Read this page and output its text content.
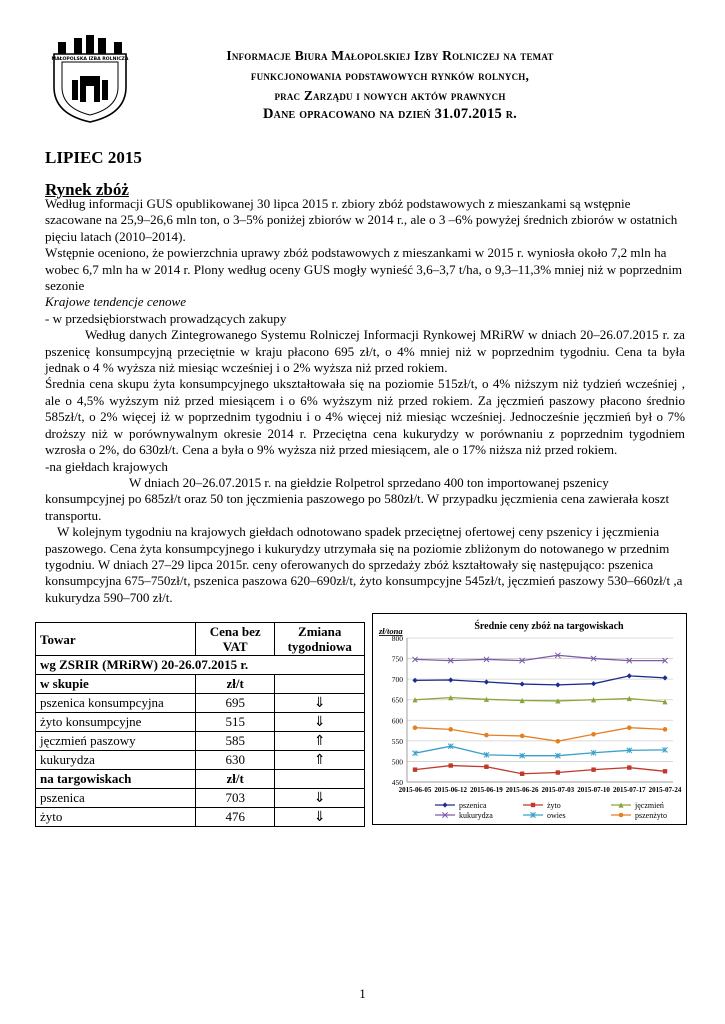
MAŁOPOLSKA IZBA ROLNICZA	Informacje Biura Małopolskiej Izby Rolniczej na temat
funkcjonowania podstawowych rynków rolnych,
prac Zarządu i nowych aktów prawnych
Dane opracowano na dzień 31.07.2015 r.
LIPIEC 2015
Rynek zbóż

Według informacji GUS opublikowanej 30 lipca 2015 r. zbiory zbóż podstawowych z mieszankami są wstępnie szacowane na 25,9–26,6 mln ton, o 3–5% poniżej zbiorów w 2014 r., ale o 3 –6% powyżej średnich zbiorów w ostatnich pięciu latach (2010–2014).

Wstępnie oceniono, że powierzchnia uprawy zbóż podstawowych z mieszankami w 2015 r. wyniosła około 7,2 mln ha wobec 6,7 mln ha w 2014 r. Plony według oceny GUS mogły wynieść 3,6–3,7 t/ha, o 9,3–11,3% mniej niż w poprzednim sezonie

Krajowe tendencje cenowe

- w przedsiębiorstwach prowadzących zakupy

Według danych Zintegrowanego Systemu Rolniczej Informacji Rynkowej MRiRW w dniach 20–26.07.2015 r. za pszenicę konsumpcyjną przeciętnie w kraju płacono 695 zł/t, o 4% mniej niż w poprzednim tygodniu. Cena ta była jednak o 4 % wyższa niż miesiąc wcześniej i o 2% wyższa niż przed rokiem.

Średnia cena skupu żyta konsumpcyjnego ukształtowała się na poziomie 515zł/t, o 4% niższym niż tydzień wcześniej , ale o 4,5% wyższym niż przed miesiącem i o 6% wyższym niż przed rokiem. Za jęczmień paszowy płacono średnio 585zł/t, o 2% więcej iż w poprzednim tygodniu i o 4% więcej niż miesiąc wcześniej. Jednocześnie jęczmień był o 7% droższy niż w porównywalnym okresie 2014 r. Przeciętna cena kukurydzy w porównaniu z poprzednim tygodniem wzrosła o 2%, do 630zł/t. Cena a była o 9% wyższa niż przed miesiącem, ale o 17% niższa niż przed rokiem.

-na giełdach krajowych

W dniach 20–26.07.2015 r. na giełdzie Rolpetrol sprzedano 400 ton importowanej pszenicy konsumpcyjnej po 685zł/t oraz 50 ton jęczmienia paszowego po 580zł/t. W przypadku jęczmienia cena zawierała koszt transportu.

W kolejnym tygodniu na krajowych giełdach odnotowano spadek przeciętnej ofertowej ceny pszenicy i jęczmienia paszowego. Cena żyta konsumpcyjnego i kukurydzy utrzymała się na poziomie zbliżonym do notowanego w przednim tygodniu. W dniach 27–29 lipca 2015r. ceny oferowanych do sprzedaży zbóż kształtowały się następująco: pszenica konsumpcyjna 675–750zł/t, pszenica paszowa 620–690zł/t, żyto konsumpcyjne 545zł/t, jęczmień paszowy 530–660zł/t ,a kukurydza 590–700 zł/t.

Towar	Cena bez VAT	Zmiana tygodniowa
wg ZSRIR (MRiRW) 20-26.07.2015 r.		
w skupie	zł/t	
pszenica konsumpcyjna	695	⇓
żyto konsumpcyjne	515	⇓
jęczmień paszowy	585	⇑
kukurydza	630	⇑
na targowiskach	zł/t	
pszenica	703	⇓
żyto	476	⇓
Średnie ceny zbóż na targowiskach
zł/tona
450
500
550
600
650
700
750
800
2015-06-05 2015-06-12 2015-06-19 2015-06-26 2015-07-03 2015-07-10 2015-07-17 2015-07-24
pszenica	żyto	jęczmień
kukurydza	owies	pszenżyto
1
